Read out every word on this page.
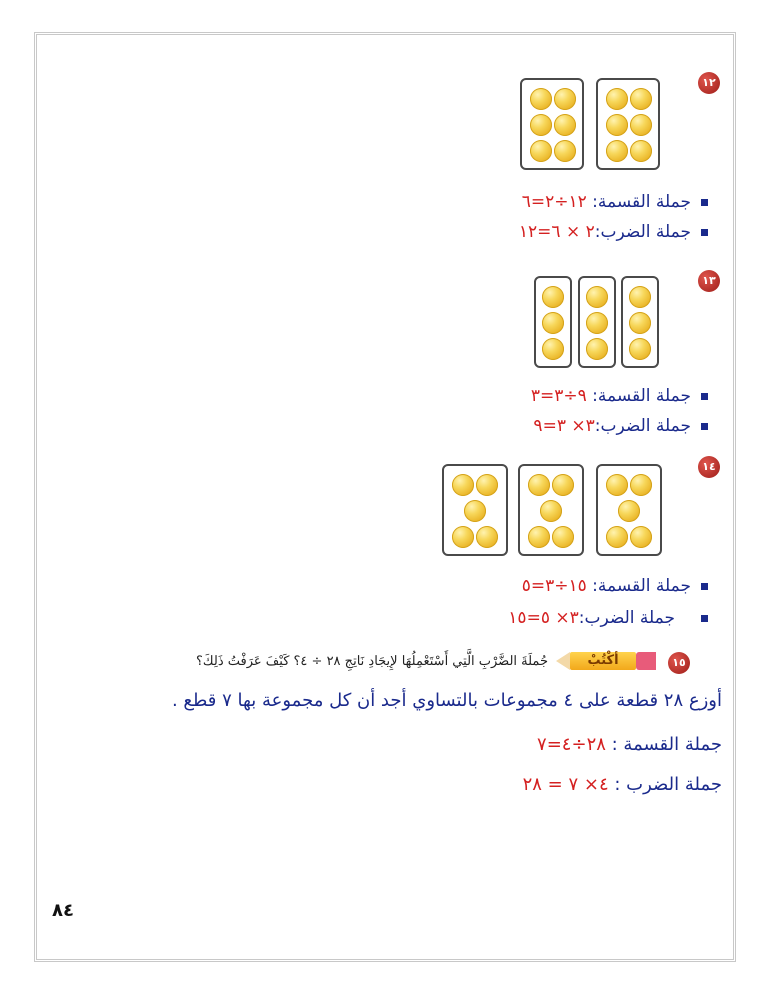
١٢
جملة القسمة: ١٢÷٢=٦
جملة الضرب:٢ × ٦=١٢
١٣
جملة القسمة: ٩÷٣=٣
جملة الضرب:٣× ٣=٩
١٤
جملة القسمة: ١٥÷٣=٥
جملة الضرب:٣× ٥=١٥
١٥
أكْتُبْ
جُملَةَ الضَّرْبِ الَّتِي أَسْتَعْمِلُهَا لإِيجَادِ نَاتِجِ ٢٨ ÷ ٤؟ كَيْفَ عَرَفْتُ ذَلِكَ؟
أوزع ٢٨ قطعة على ٤ مجموعات بالتساوي أجد أن كل مجموعة بها ٧ قطع .
جملة القسمة : ٢٨÷٤=٧
جملة الضرب : ٤× ٧ = ٢٨
٨٤
